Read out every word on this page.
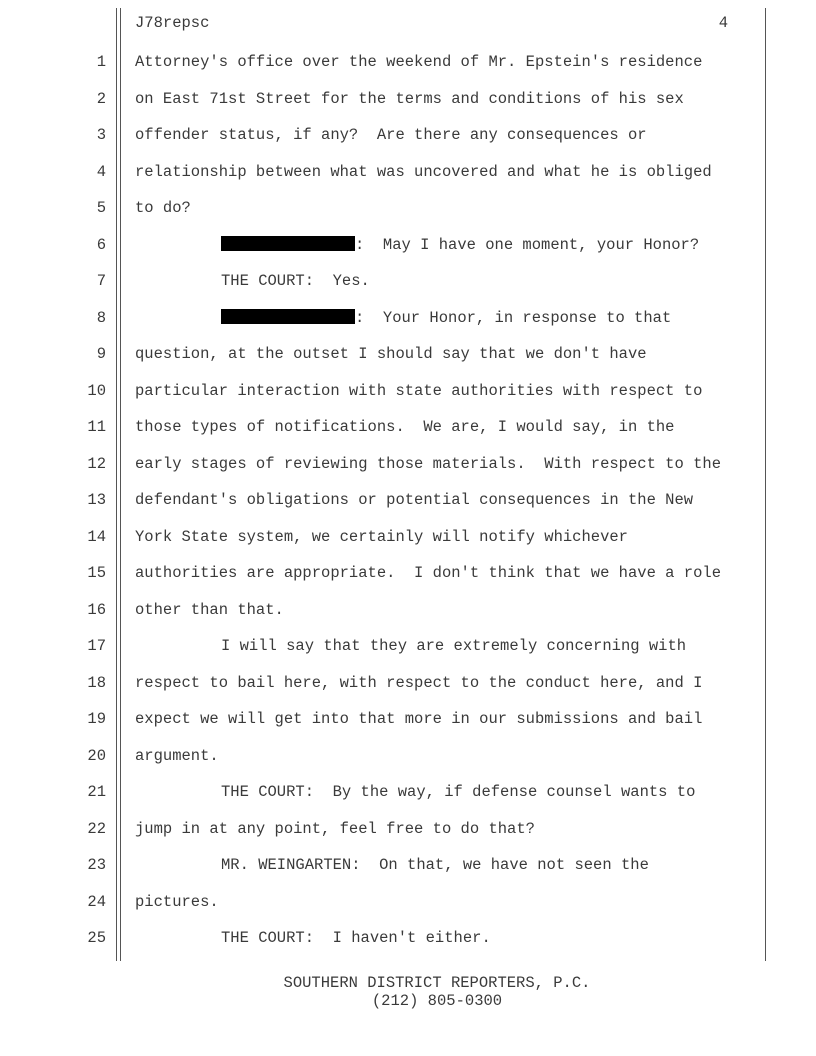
J78repsc	4
1 Attorney's office over the weekend of Mr. Epstein's residence
2 on East 71st Street for the terms and conditions of his sex
3 offender status, if any?  Are there any consequences or
4 relationship between what was uncovered and what he is obliged
5 to do?
6	:  May I have one moment, your Honor?
7	THE COURT:  Yes.
8	:  Your Honor, in response to that
9 question, at the outset I should say that we don't have
10 particular interaction with state authorities with respect to
11 those types of notifications.  We are, I would say, in the
12 early stages of reviewing those materials.  With respect to the
13 defendant's obligations or potential consequences in the New
14 York State system, we certainly will notify whichever
15 authorities are appropriate.  I don't think that we have a role
16 other than that.
17	I will say that they are extremely concerning with
18 respect to bail here, with respect to the conduct here, and I
19 expect we will get into that more in our submissions and bail
20 argument.
21	THE COURT:  By the way, if defense counsel wants to
22 jump in at any point, feel free to do that?
23	MR. WEINGARTEN:  On that, we have not seen the
24 pictures.
25	THE COURT:  I haven't either.
SOUTHERN DISTRICT REPORTERS, P.C.
(212) 805-0300
